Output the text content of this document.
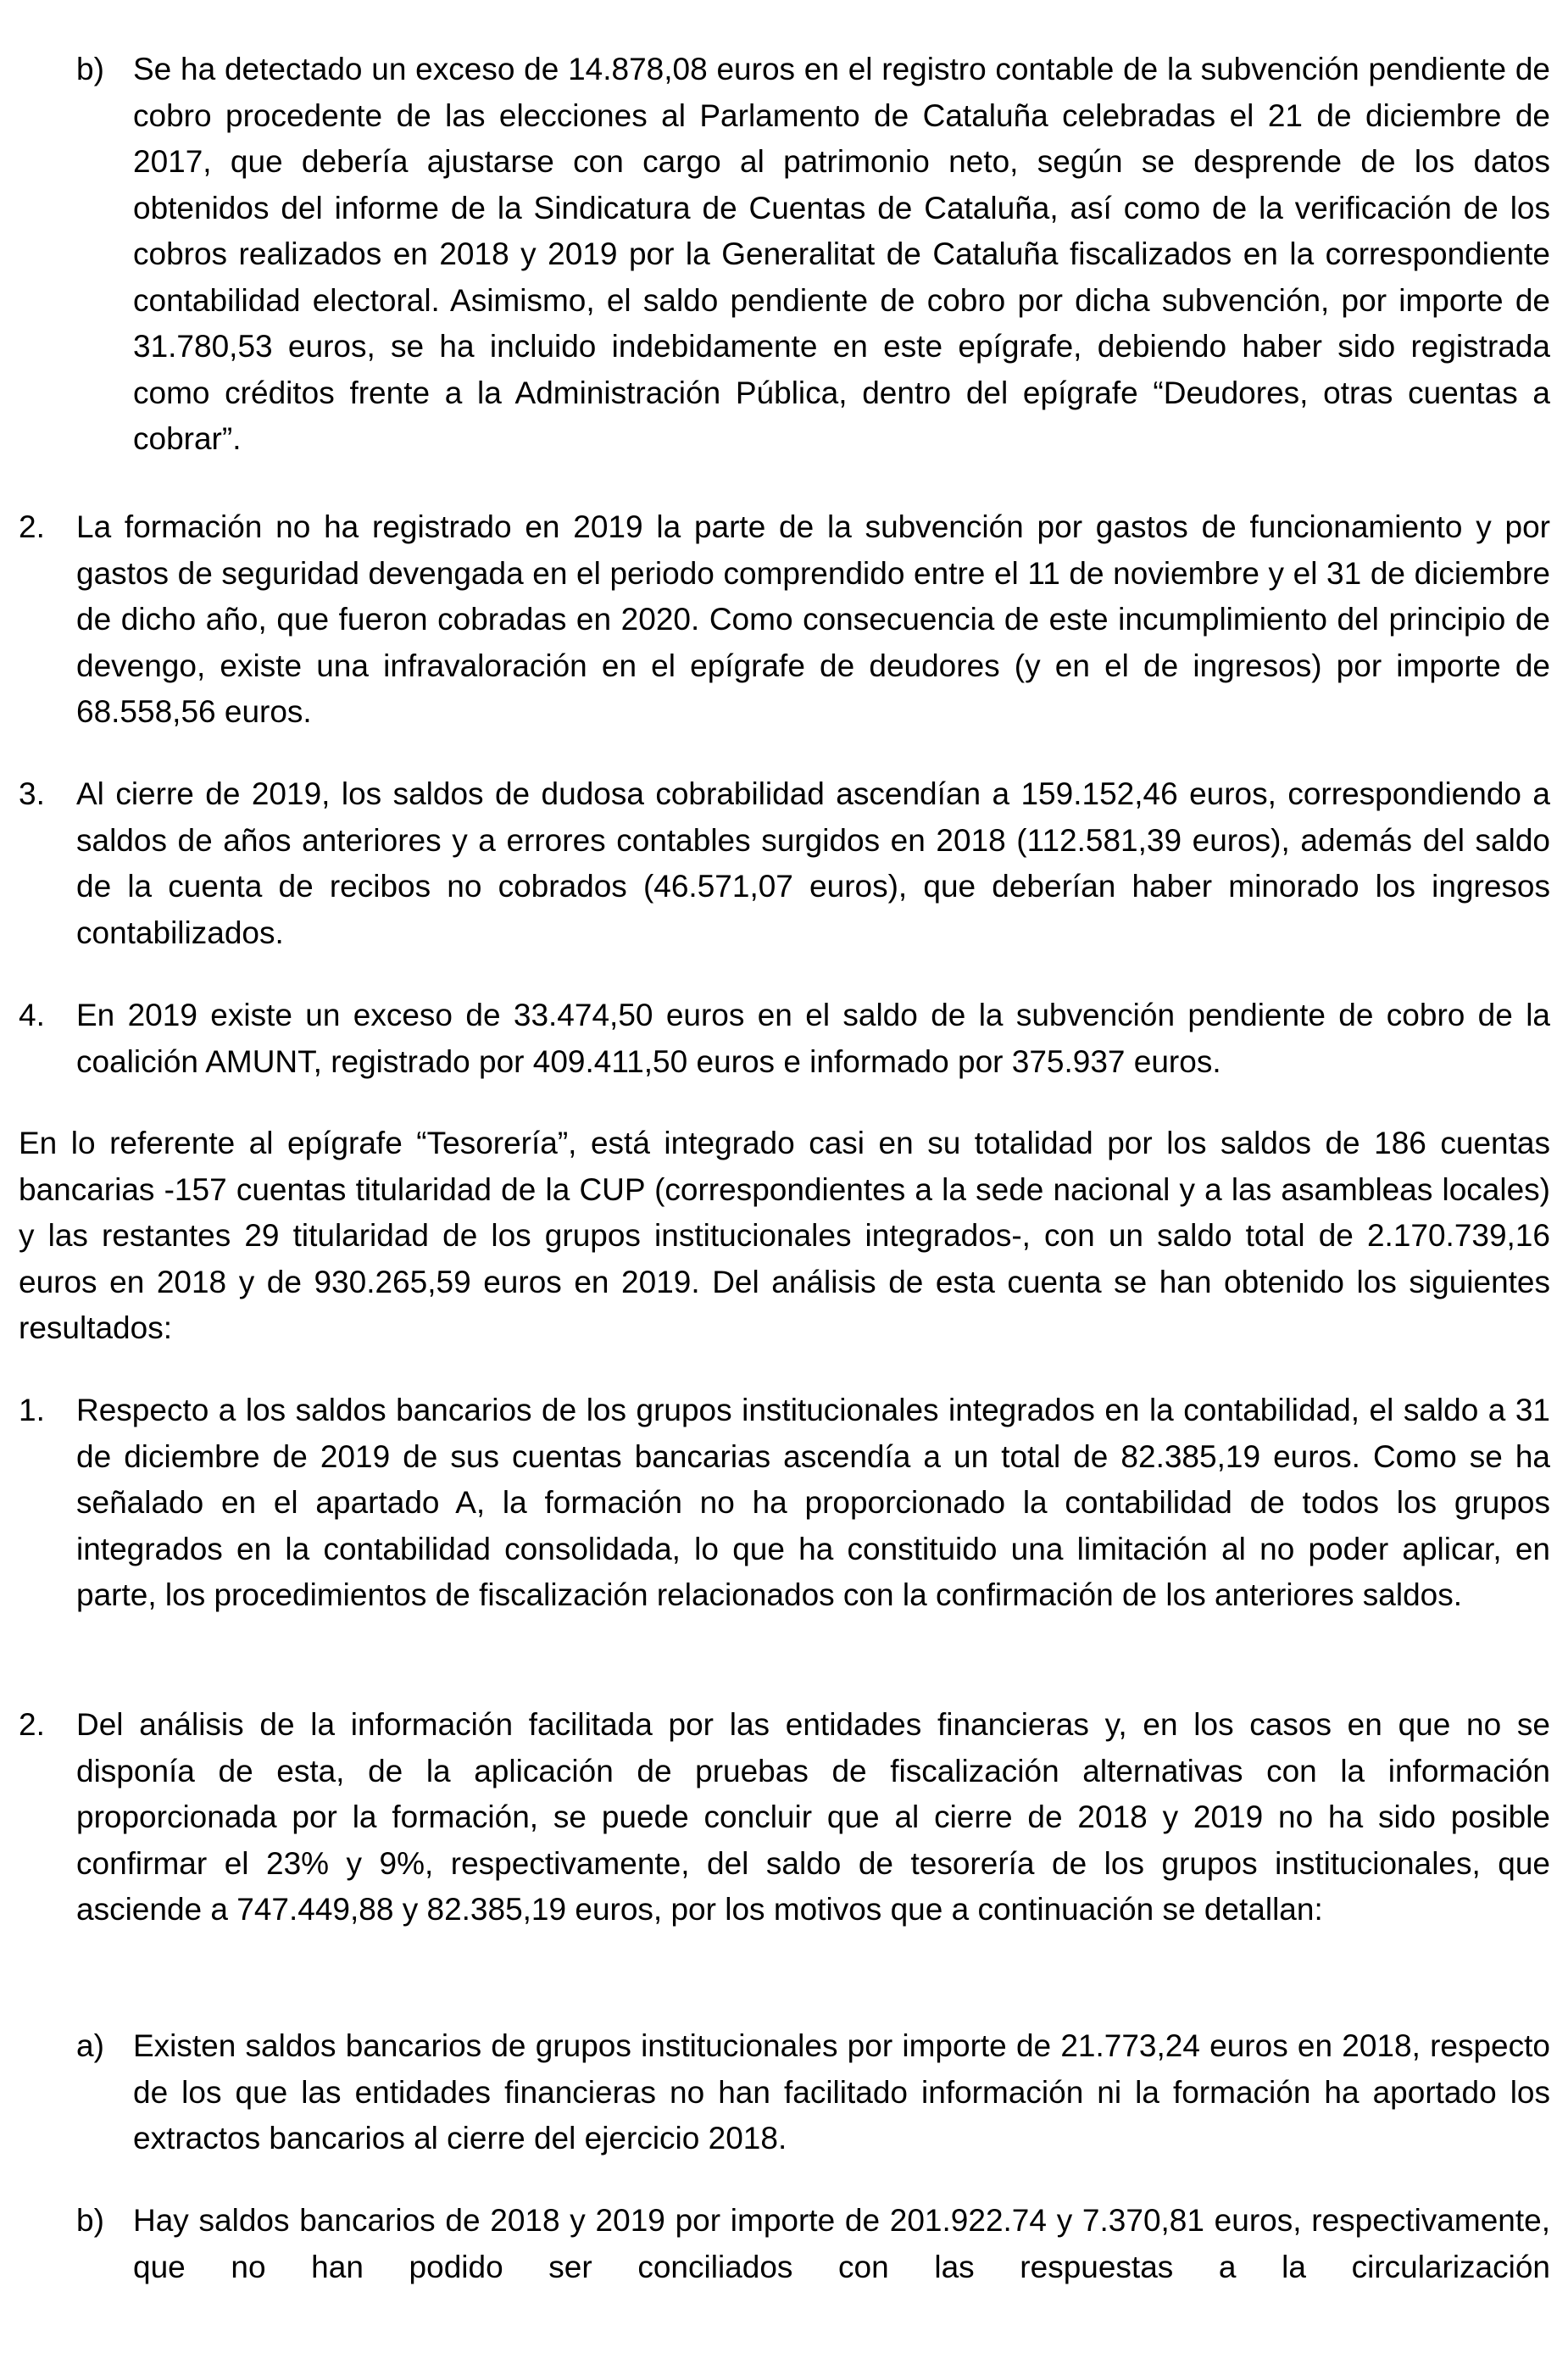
b) Se ha detectado un exceso de 14.878,08 euros en el registro contable de la subvención pendiente de cobro procedente de las elecciones al Parlamento de Cataluña celebradas el 21 de diciembre de 2017, que debería ajustarse con cargo al patrimonio neto, según se desprende de los datos obtenidos del informe de la Sindicatura de Cuentas de Cataluña, así como de la verificación de los cobros realizados en 2018 y 2019 por la Generalitat de Cataluña fiscalizados en la correspondiente contabilidad electoral. Asimismo, el saldo pendiente de cobro por dicha subvención, por importe de 31.780,53 euros, se ha incluido indebidamente en este epígrafe, debiendo haber sido registrada como créditos frente a la Administración Pública, dentro del epígrafe “Deudores, otras cuentas a cobrar”.
2. La formación no ha registrado en 2019 la parte de la subvención por gastos de funcionamiento y por gastos de seguridad devengada en el periodo comprendido entre el 11 de noviembre y el 31 de diciembre de dicho año, que fueron cobradas en 2020. Como consecuencia de este incumplimiento del principio de devengo, existe una infravaloración en el epígrafe de deudores (y en el de ingresos) por importe de 68.558,56 euros.
3. Al cierre de 2019, los saldos de dudosa cobrabilidad ascendían a 159.152,46 euros, correspondiendo a saldos de años anteriores y a errores contables surgidos en 2018 (112.581,39 euros), además del saldo de la cuenta de recibos no cobrados (46.571,07 euros), que deberían haber minorado los ingresos contabilizados.
4. En 2019 existe un exceso de 33.474,50 euros en el saldo de la subvención pendiente de cobro de la coalición AMUNT, registrado por 409.411,50 euros e informado por 375.937 euros.
En lo referente al epígrafe “Tesorería”, está integrado casi en su totalidad por los saldos de 186 cuentas bancarias -157 cuentas titularidad de la CUP (correspondientes a la sede nacional y a las asambleas locales) y las restantes 29 titularidad de los grupos institucionales integrados-, con un saldo total de 2.170.739,16 euros en 2018 y de 930.265,59 euros en 2019. Del análisis de esta cuenta se han obtenido los siguientes resultados:
1. Respecto a los saldos bancarios de los grupos institucionales integrados en la contabilidad, el saldo a 31 de diciembre de 2019 de sus cuentas bancarias ascendía a un total de 82.385,19 euros. Como se ha señalado en el apartado A, la formación no ha proporcionado la contabilidad de todos los grupos integrados en la contabilidad consolidada, lo que ha constituido una limitación al no poder aplicar, en parte, los procedimientos de fiscalización relacionados con la confirmación de los anteriores saldos.
2. Del análisis de la información facilitada por las entidades financieras y, en los casos en que no se disponía de esta, de la aplicación de pruebas de fiscalización alternativas con la información proporcionada por la formación, se puede concluir que al cierre de 2018 y 2019 no ha sido posible confirmar el 23% y 9%, respectivamente, del saldo de tesorería de los grupos institucionales, que asciende a 747.449,88 y 82.385,19 euros, por los motivos que a continuación se detallan:
a) Existen saldos bancarios de grupos institucionales por importe de 21.773,24 euros en 2018, respecto de los que las entidades financieras no han facilitado información ni la formación ha aportado los extractos bancarios al cierre del ejercicio 2018.
b) Hay saldos bancarios de 2018 y 2019 por importe de 201.922.74 y 7.370,81 euros, respectivamente, que no han podido ser conciliados con las respuestas a la circularización
